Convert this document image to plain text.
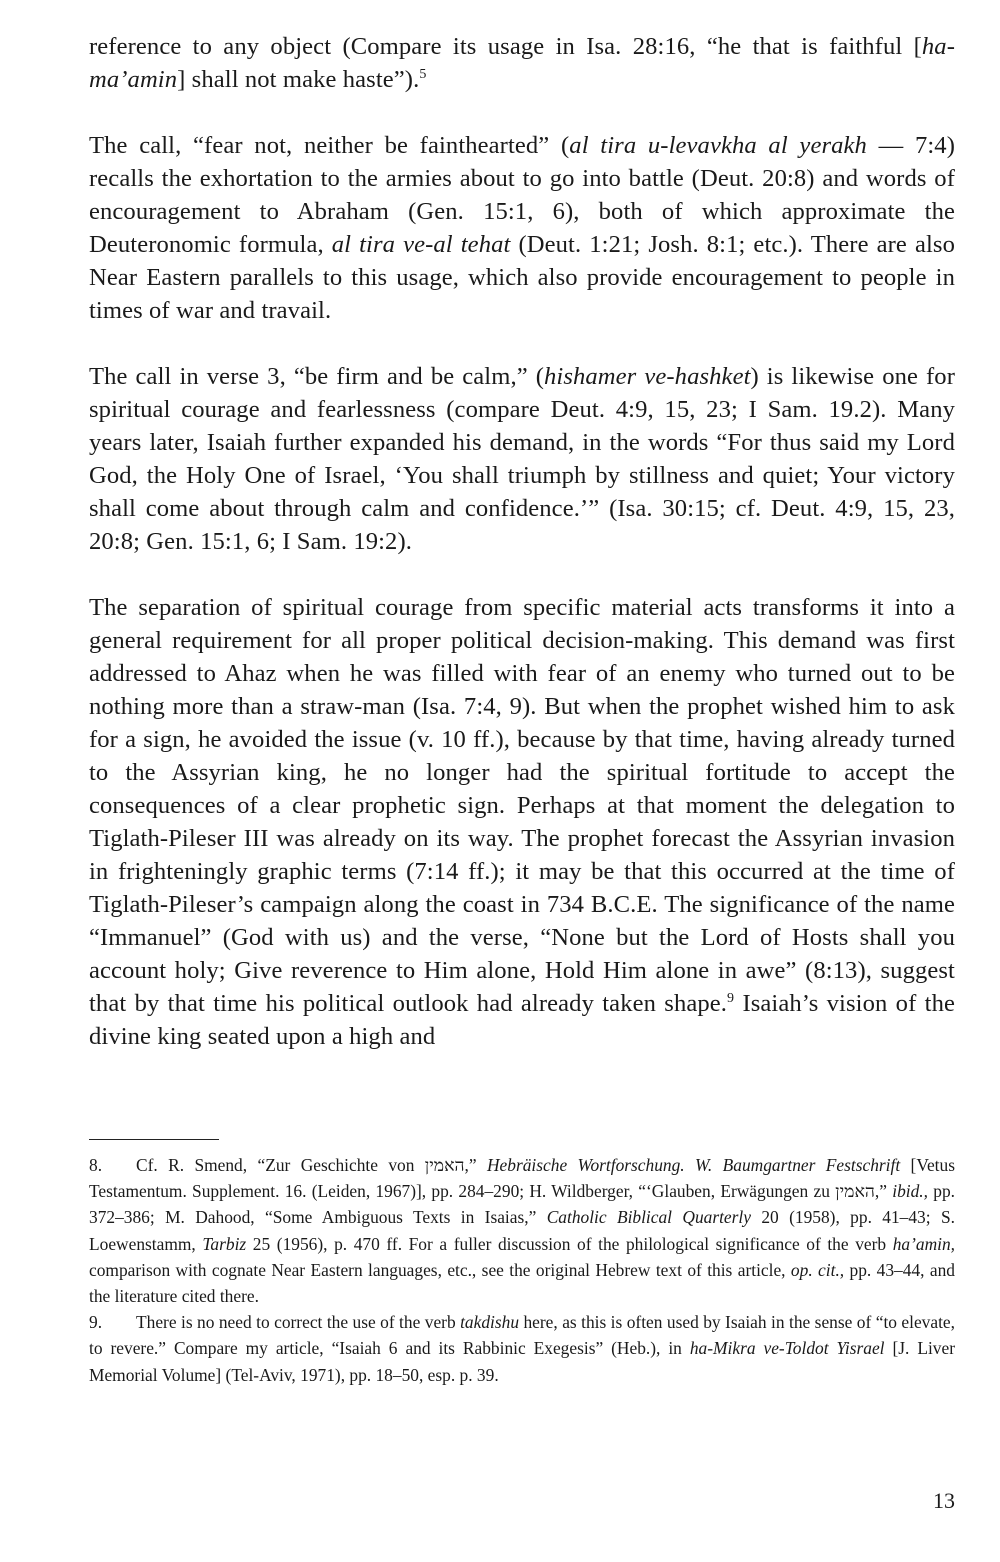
reference to any object (Compare its usage in Isa. 28:16, “he that is faithful [ha-ma’amin] shall not make haste”).$^5$

The call, “fear not, neither be fainthearted” (al tira u-levavkha al yerakh — 7:4) recalls the exhortation to the armies about to go into battle (Deut. 20:8) and words of encouragement to Abraham (Gen. 15:1, 6), both of which approximate the Deuteronomic formula, al tira ve-al tehat (Deut. 1:21; Josh. 8:1; etc.). There are also Near Eastern parallels to this usage, which also provide encouragement to people in times of war and travail.

The call in verse 3, “be firm and be calm,” (hishamer ve-hashket) is likewise one for spiritual courage and fearlessness (compare Deut. 4:9, 15, 23; I Sam. 19.2). Many years later, Isaiah further expanded his demand, in the words “For thus said my Lord God, the Holy One of Israel, ‘You shall triumph by stillness and quiet; Your victory shall come about through calm and confidence.’” (Isa. 30:15; cf. Deut. 4:9, 15, 23, 20:8; Gen. 15:1, 6; I Sam. 19:2).

The separation of spiritual courage from specific material acts transforms it into a general requirement for all proper political decision-making. This demand was first addressed to Ahaz when he was filled with fear of an enemy who turned out to be nothing more than a straw-man (Isa. 7:4, 9). But when the prophet wished him to ask for a sign, he avoided the issue (v. 10 ff.), because by that time, having already turned to the Assyrian king, he no longer had the spiritual fortitude to accept the consequences of a clear prophetic sign. Perhaps at that moment the delegation to Tiglath-Pileser III was already on its way. The prophet forecast the Assyrian invasion in frighteningly graphic terms (7:14 ff.); it may be that this occurred at the time of Tiglath-Pileser’s campaign along the coast in 734 B.C.E. The significance of the name “Immanuel” (God with us) and the verse, “None but the Lord of Hosts shall you account holy; Give reverence to Him alone, Hold Him alone in awe” (8:13), suggest that by that time his political outlook had already taken shape.$^9$ Isaiah’s vision of the divine king seated upon a high and

8. Cf. R. Smend, “Zur Geschichte von האמין,” Hebräische Wortforschung. W. Baumgartner Festschrift [Vetus Testamentum. Supplement. 16. (Leiden, 1967)], pp. 284–290; H. Wildberger, “‘Glauben, Erwägungen zu האמין,” ibid., pp. 372–386; M. Dahood, “Some Ambiguous Texts in Isaias,” Catholic Biblical Quarterly 20 (1958), pp. 41–43; S. Loewenstamm, Tarbiz 25 (1956), p. 470 ff. For a fuller discussion of the philological significance of the verb ha’amin, comparison with cognate Near Eastern languages, etc., see the original Hebrew text of this article, op. cit., pp. 43–44, and the literature cited there.

9. There is no need to correct the use of the verb takdishu here, as this is often used by Isaiah in the sense of “to elevate, to revere.” Compare my article, “Isaiah 6 and its Rabbinic Exegesis” (Heb.), in ha-Mikra ve-Toldot Yisrael [J. Liver Memorial Volume] (Tel-Aviv, 1971), pp. 18–50, esp. p. 39.

13
